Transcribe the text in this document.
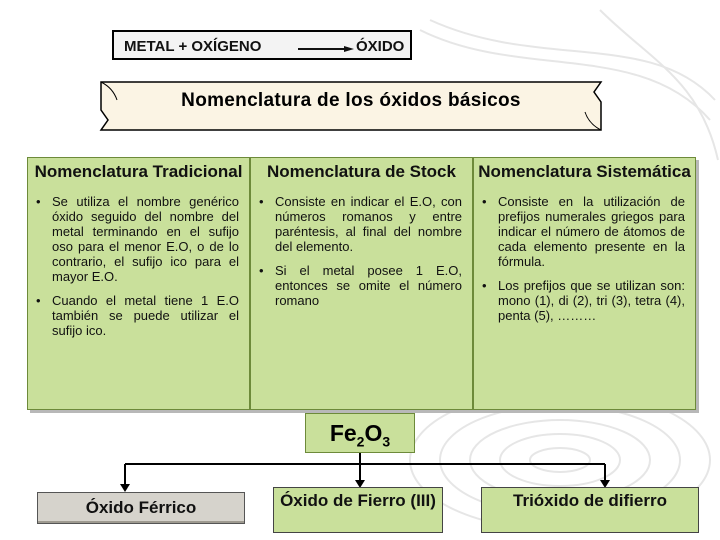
METAL + OXÍGENO	ÓXIDO
Nomenclatura de los óxidos básicos
Nomenclatura Tradicional
• Se utiliza el nombre genérico óxido seguido del nombre del metal terminando en el sufijo oso para el menor E.O, o de lo contrario, el sufijo ico para el mayor E.O.
• Cuando el metal tiene 1 E.O también se puede utilizar el sufijo ico.
Nomenclatura de Stock
• Consiste en indicar el E.O, con números romanos y entre paréntesis, al final del nombre del elemento.
• Si el metal posee 1 E.O, entonces se omite el número romano
Nomenclatura Sistemática
• Consiste en la utilización de prefijos numerales griegos para indicar el número de átomos de cada elemento presente en la fórmula.
• Los prefijos que se utilizan son: mono (1), di (2), tri (3), tetra (4), penta (5), ………
$Fe_2O_3$
Óxido Férrico	Óxido de Fierro (III)	Trióxido de difierro
